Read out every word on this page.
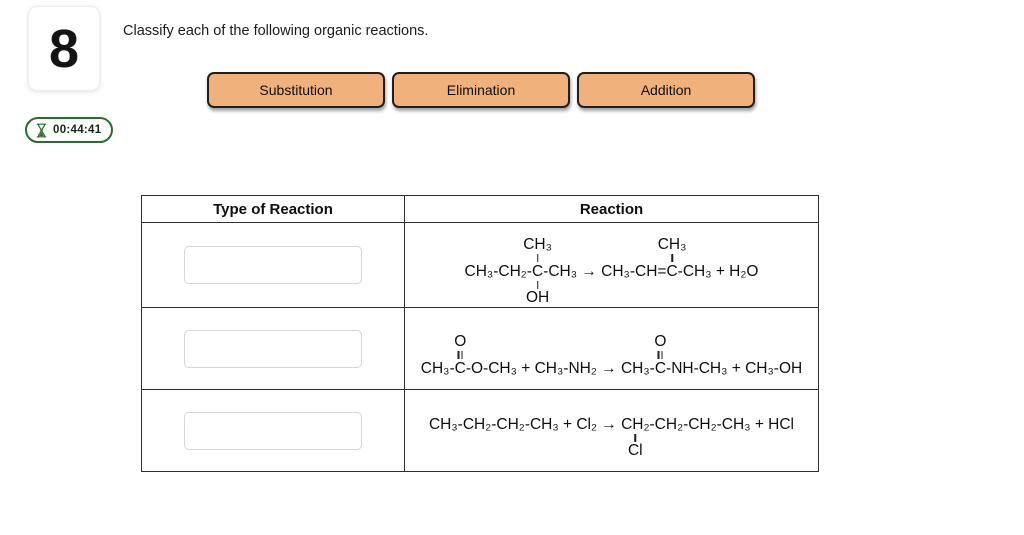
8	Classify each of the following organic reactions.
Substitution	Elimination	Addition
00:44:41
Type of Reaction	Reaction

	CH₃-CH₂-
CH₃
C
OH
-CH₃ → CH₃-CH=
CH₃
C-CH₃ + H₂O

	CH₃-
O
C-O-CH₃ + CH₃-NH₂ → CH₃-
O
C-NH-CH₃ + CH₃-OH

	CH₃-CH₂-CH₂-CH₃ + Cl₂ → CH₂
Cl
-CH₂-CH₂-CH₃ + HCl
